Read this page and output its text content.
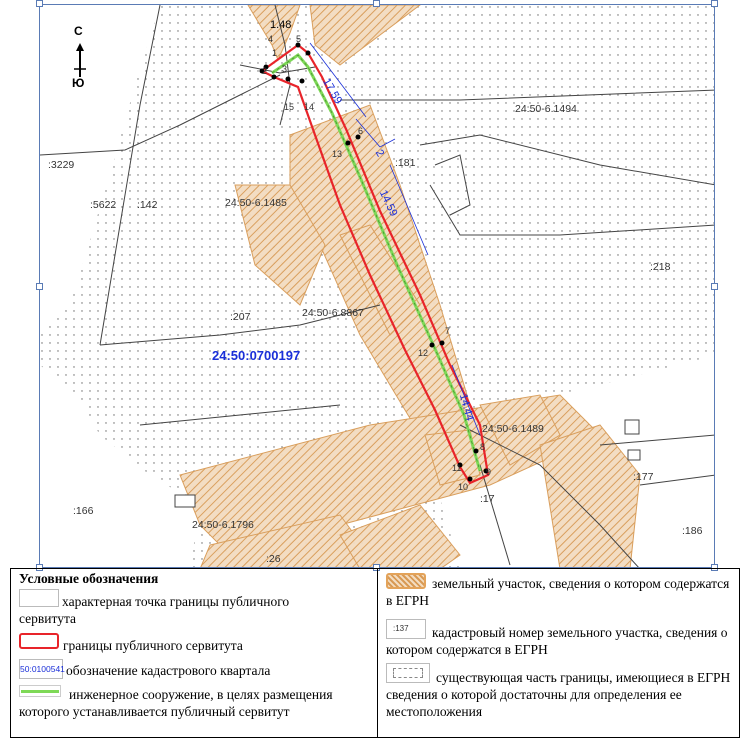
С
Ю
24:50:0700197
24:50-6.1494
:181
:3229
:5622 :142	24:50-6.1485
:218
:207	24:50-6.8867
24:50-6.1489
:177
:166
24:50-6.1796	:186
:26
:17
1
2 3
4	5
6
7
8
9
10
11
12
13
14
15
1.48
17.59
2
14.59
14.44
Условные обозначения
характерная точка границы публичного сервитута
границы публичного сервитута
50:0100541 обозначение кадастрового квартала
инженерное сооружение, в целях размещения которого устанавливается публичный сервитут
земельный участок, сведения о котором содержатся в ЕГРН
:137	кадастровый номер земельного участка, сведения о котором содержатся в ЕГРН
существующая часть границы, имеющиеся в ЕГРН сведения о которой достаточны для определения ее местоположения
